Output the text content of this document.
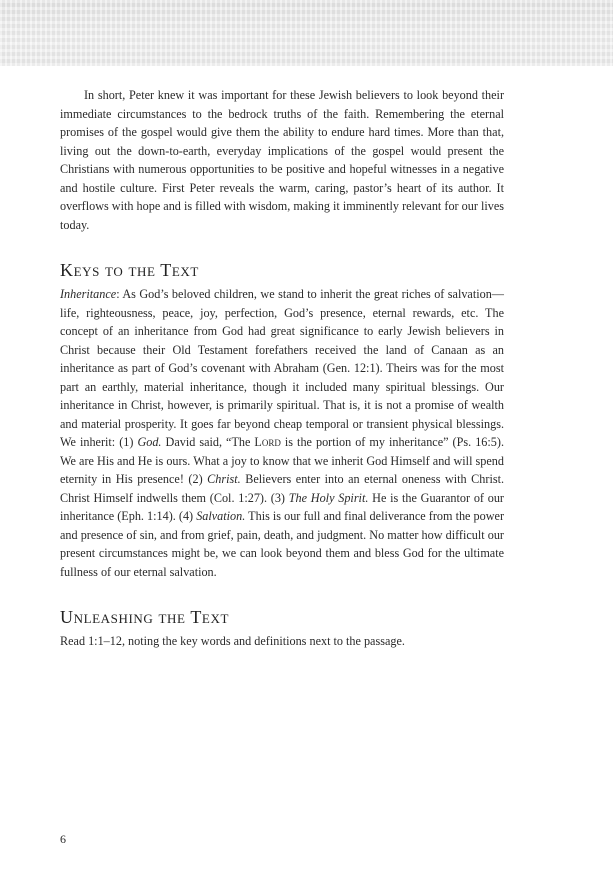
In short, Peter knew it was important for these Jewish believers to look beyond their immediate circumstances to the bedrock truths of the faith. Remembering the eternal promises of the gospel would give them the ability to endure hard times. More than that, living out the down-to-earth, everyday implications of the gospel would present the Christians with numerous opportunities to be positive and hopeful witnesses in a negative and hostile culture. First Peter reveals the warm, caring, pastor’s heart of its author. It overflows with hope and is filled with wisdom, making it imminently relevant for our lives today.

Keys to the Text

Inheritance: As God’s beloved children, we stand to inherit the great riches of salvation—life, righteousness, peace, joy, perfection, God’s presence, eternal rewards, etc. The concept of an inheritance from God had great significance to early Jewish believers in Christ because their Old Testament forefathers received the land of Canaan as an inheritance as part of God’s covenant with Abraham (Gen. 12:1). Theirs was for the most part an earthly, material inheritance, though it included many spiritual blessings. Our inheritance in Christ, however, is primarily spiritual. That is, it is not a promise of wealth and material prosperity. It goes far beyond cheap temporal or transient physical blessings. We inherit: (1) God. David said, “The Lord is the portion of my inheritance” (Ps. 16:5). We are His and He is ours. What a joy to know that we inherit God Himself and will spend eternity in His presence! (2) Christ. Believers enter into an eternal oneness with Christ. Christ Himself indwells them (Col. 1:27). (3) The Holy Spirit. He is the Guarantor of our inheritance (Eph. 1:14). (4) Salvation. This is our full and final deliverance from the power and presence of sin, and from grief, pain, death, and judgment. No matter how difficult our present circumstances might be, we can look beyond them and bless God for the ultimate fullness of our eternal salvation.

Unleashing the Text

Read 1:1–12, noting the key words and definitions next to the passage.

6
